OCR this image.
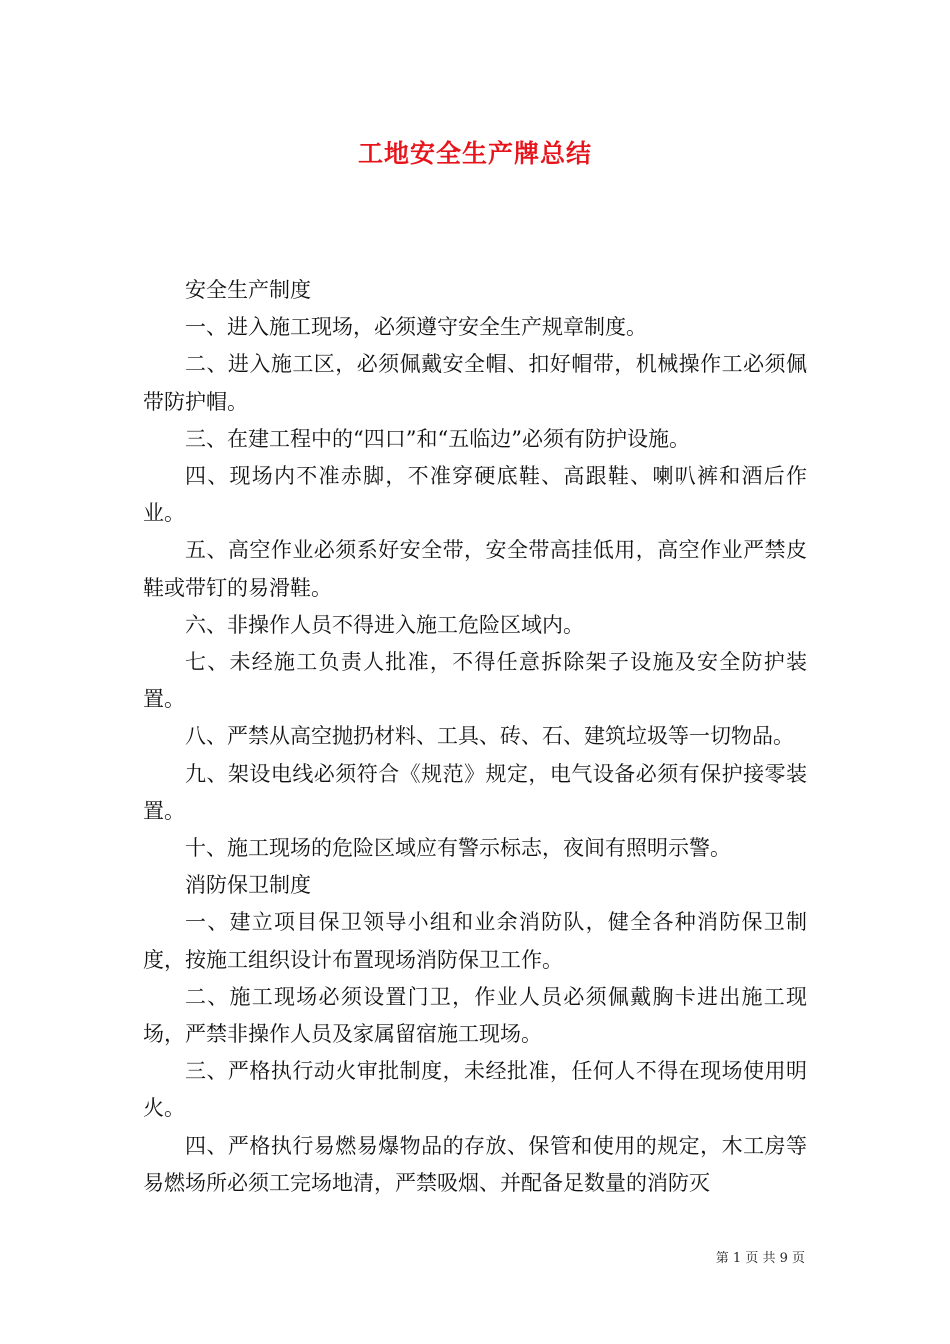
工地安全生产牌总结

安全生产制度

一、进入施工现场，必须遵守安全生产规章制度。

二、进入施工区，必须佩戴安全帽、扣好帽带，机械操作工必须佩带防护帽。

三、在建工程中的“四口”和“五临边”必须有防护设施。

四、现场内不准赤脚，不准穿硬底鞋、高跟鞋、喇叭裤和酒后作业。

五、高空作业必须系好安全带，安全带高挂低用，高空作业严禁皮鞋或带钉的易滑鞋。

六、非操作人员不得进入施工危险区域内。

七、未经施工负责人批准，不得任意拆除架子设施及安全防护装置。

八、严禁从高空抛扔材料、工具、砖、石、建筑垃圾等一切物品。

九、架设电线必须符合《规范》规定，电气设备必须有保护接零装置。

十、施工现场的危险区域应有警示标志，夜间有照明示警。

消防保卫制度

一、建立项目保卫领导小组和业余消防队，健全各种消防保卫制度，按施工组织设计布置现场消防保卫工作。

二、施工现场必须设置门卫，作业人员必须佩戴胸卡进出施工现场，严禁非操作人员及家属留宿施工现场。

三、严格执行动火审批制度，未经批准，任何人不得在现场使用明火。

四、严格执行易燃易爆物品的存放、保管和使用的规定，木工房等易燃场所必须工完场地清，严禁吸烟、并配备足数量的消防灭

第 1 页 共 9 页
